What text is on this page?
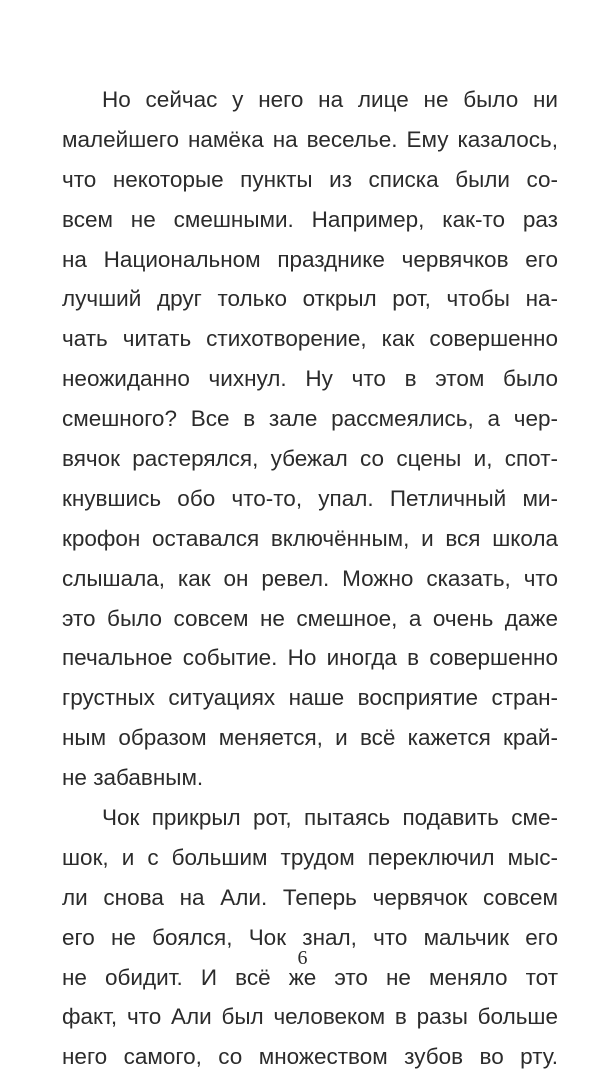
Но сейчас у него на лице не было ни
малейшего намёка на веселье. Ему казалось,
что некоторые пункты из списка были со-
всем не смешными. Например, как-то раз
на Национальном празднике червячков его
лучший друг только открыл рот, чтобы на-
чать читать стихотворение, как совершенно
неожиданно чихнул. Ну что в этом было
смешного? Все в зале рассмеялись, а чер-
вячок растерялся, убежал со сцены и, спот-
кнувшись обо что-то, упал. Петличный ми-
крофон оставался включённым, и вся школа
слышала, как он ревел. Можно сказать, что
это было совсем не смешное, а очень даже
печальное событие. Но иногда в совершенно
грустных ситуациях наше восприятие стран-
ным образом меняется, и всё кажется край-
не забавным.
Чок прикрыл рот, пытаясь подавить сме-
шок, и с большим трудом переключил мыс-
ли снова на Али. Теперь червячок совсем
его не боялся, Чок знал, что мальчик его
не обидит. И всё же это не меняло тот
факт, что Али был человеком в разы больше
него самого, со множеством зубов во рту.
6
